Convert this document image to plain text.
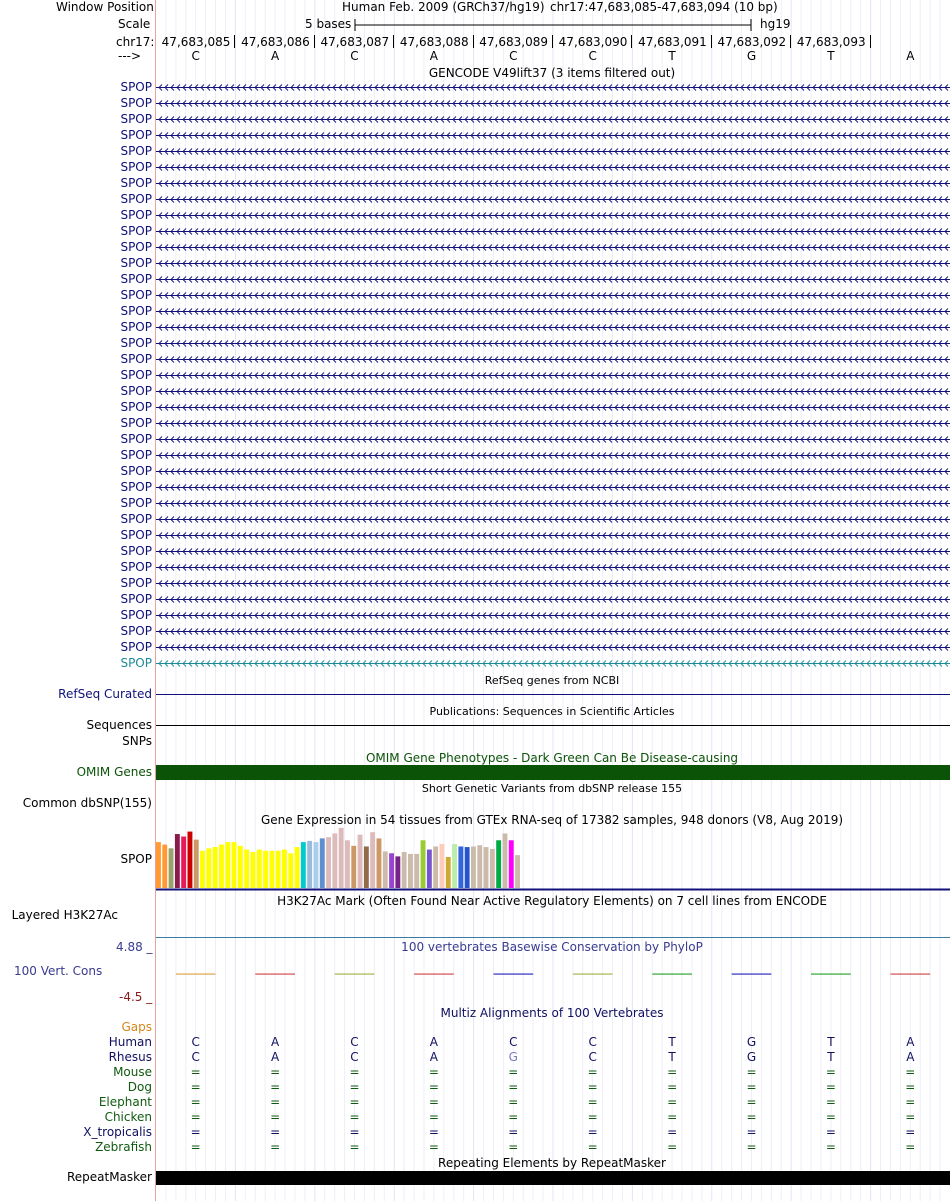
Window Position	Human Feb. 2009 (GRCh37/hg19) chr17:47,683,085-47,683,094 (10 bp)
Scale	5 bases	hg19
chr17:
--->
GENCODE V49lift37 (3 items filtered out)
RefSeq genes from NCBI
RefSeq Curated
Publications: Sequences in Scientific Articles
Sequences
SNPs
OMIM Gene Phenotypes - Dark Green Can Be Disease-causing
OMIM Genes
Short Genetic Variants from dbSNP release 155
Common dbSNP(155)
Gene Expression in 54 tissues from GTEx RNA-seq of 17382 samples, 948 donors (V8, Aug 2019)
SPOP
H3K27Ac Mark (Often Found Near Active Regulatory Elements) on 7 cell lines from ENCODE
Layered H3K27Ac
100 vertebrates Basewise Conservation by PhyloP
4.88 _
100 Vert. Cons
-4.5 _
Multiz Alignments of 100 Vertebrates
Gaps
Repeating Elements by RepeatMasker
RepeatMasker
47,683,085 47,683,086 47,683,087 47,683,088 47,683,089 47,683,090 47,683,091 47,683,092 47,683,093
C	A	C	A	C	C	T	G	T	A
SPOP
SPOP
SPOP
SPOP
SPOP
SPOP
SPOP
SPOP
SPOP
SPOP
SPOP
SPOP
SPOP
SPOP
SPOP
SPOP
SPOP
SPOP
SPOP
SPOP
SPOP
SPOP
SPOP
SPOP
SPOP
SPOP
SPOP
SPOP
SPOP
SPOP
SPOP
SPOP
SPOP
SPOP
SPOP
SPOP
SPOP
Human	C	A	C	A	C	C	T	G	T	A
Rhesus	C	A	C	A	G	C	T	G	T	A
Mouse	=	=	=	=	=	=	=	=	=	=
Dog	=	=	=	=	=	=	=	=	=	=
Elephant	=	=	=	=	=	=	=	=	=	=
Chicken	=	=	=	=	=	=	=	=	=	=
X_tropicalis	=	=	=	=	=	=	=	=	=	=
Zebrafish	=	=	=	=	=	=	=	=	=	=
